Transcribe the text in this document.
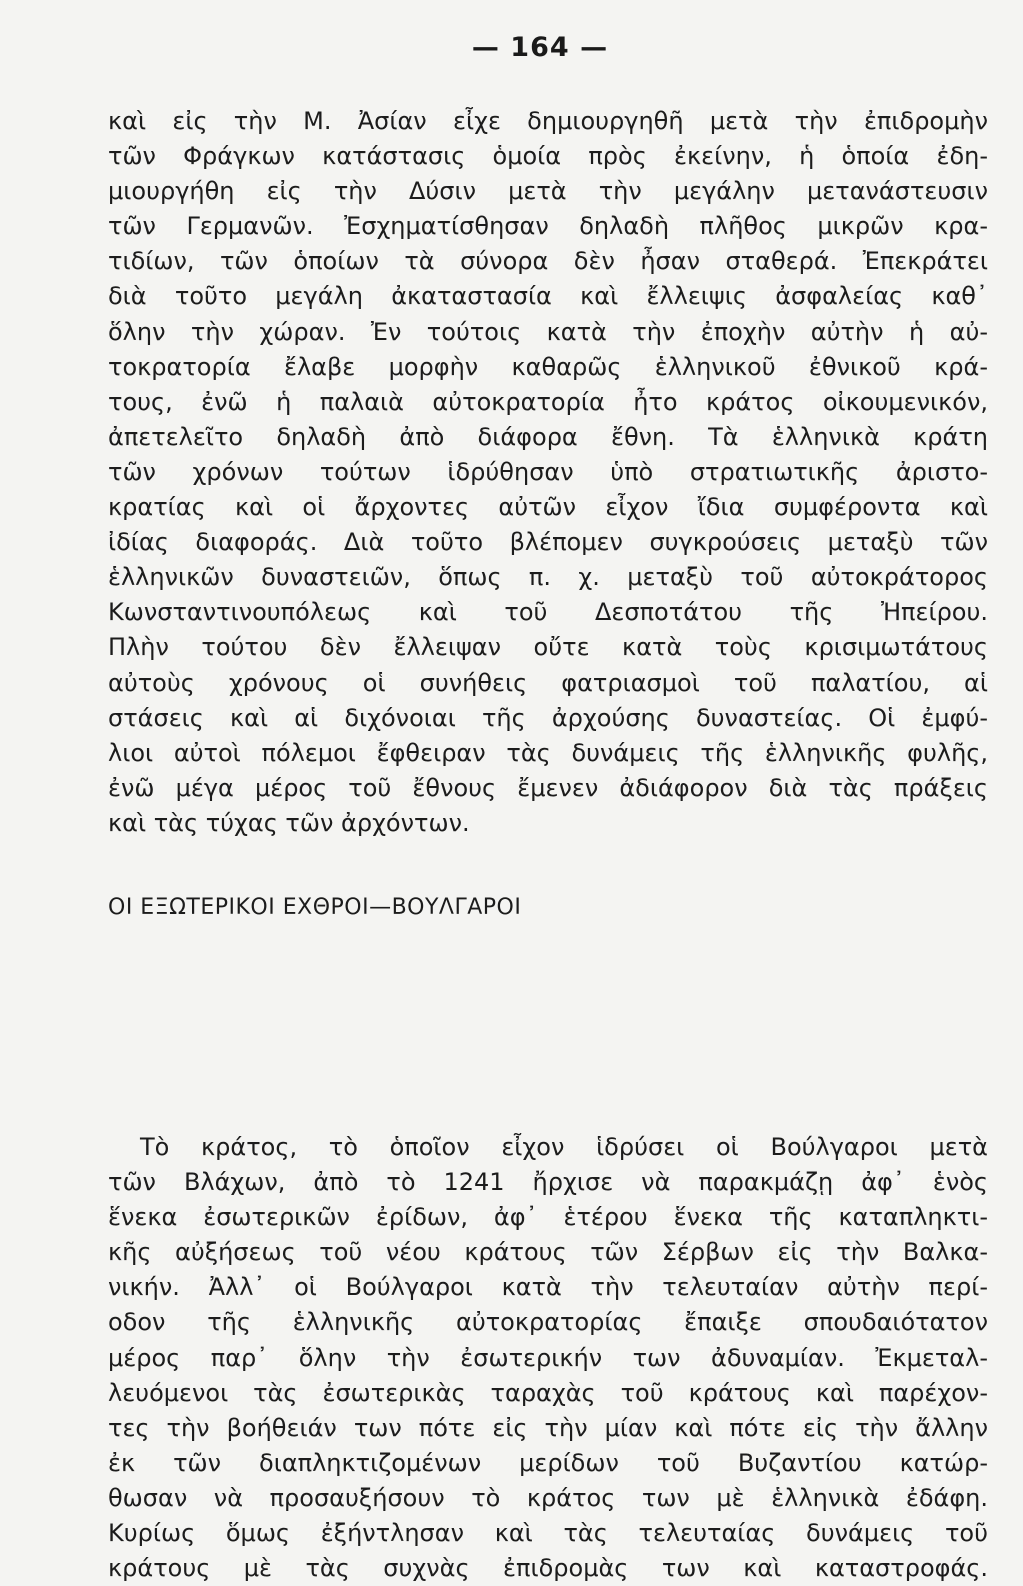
— 164 —
καὶ εἰς τὴν Μ. Ἀσίαν εἶχε δημιουργηθῆ μετὰ τὴν ἐπιδρομὴν
τῶν Φράγκων κατάστασις ὁμοία πρὸς ἐκείνην, ἡ ὁποία ἐδη-
μιουργήθη εἰς τὴν Δύσιν μετὰ τὴν μεγάλην μετανάστευσιν
τῶν Γερμανῶν. Ἐσχηματίσθησαν δηλαδὴ πλῆθος μικρῶν κρα-
τιδίων, τῶν ὁποίων τὰ σύνορα δὲν ἦσαν σταθερά. Ἐπεκράτει
διὰ τοῦτο μεγάλη ἀκαταστασία καὶ ἔλλειψις ἀσφαλείας καθ᾽
ὅλην τὴν χώραν. Ἐν τούτοις κατὰ τὴν ἐποχὴν αὐτὴν ἡ αὐ-
τοκρατορία ἔλαβε μορφὴν καθαρῶς ἑλληνικοῦ ἐθνικοῦ κρά-
τους, ἐνῶ ἡ παλαιὰ αὐτοκρατορία ἦτο κράτος οἰκουμενικόν,
ἀπετελεῖτο δηλαδὴ ἀπὸ διάφορα ἔθνη. Τὰ ἑλληνικὰ κράτη
τῶν χρόνων τούτων ἱδρύθησαν ὑπὸ στρατιωτικῆς ἀριστο-
κρατίας καὶ οἱ ἄρχοντες αὐτῶν εἶχον ἴδια συμφέροντα καὶ
ἰδίας διαφοράς. Διὰ τοῦτο βλέπομεν συγκρούσεις μεταξὺ τῶν
ἑλληνικῶν δυναστειῶν, ὅπως π. χ. μεταξὺ τοῦ αὐτοκράτορος
Κωνσταντινουπόλεως καὶ τοῦ Δεσποτάτου τῆς Ἠπείρου.
Πλὴν τούτου δὲν ἔλλειψαν οὔτε κατὰ τοὺς κρισιμωτάτους
αὐτοὺς χρόνους οἱ συνήθεις φατριασμοὶ τοῦ παλατίου, αἱ
στάσεις καὶ αἱ διχόνοιαι τῆς ἀρχούσης δυναστείας. Οἱ ἐμφύ-
λιοι αὐτοὶ πόλεμοι ἔφθειραν τὰς δυνάμεις τῆς ἑλληνικῆς φυλῆς,
ἐνῶ μέγα μέρος τοῦ ἔθνους ἔμενεν ἀδιάφορον διὰ τὰς πράξεις
καὶ τὰς τύχας τῶν ἀρχόντων.
ΟΙ ΕΞΩΤΕΡΙΚΟΙ ΕΧΘΡΟΙ—ΒΟΥΛΓΑΡΟΙ
Τὸ κράτος, τὸ ὁποῖον εἶχον ἱδρύσει οἱ Βούλγαροι μετὰ
τῶν Βλάχων, ἀπὸ τὸ 1241 ἤρχισε νὰ παρακμάζῃ ἀφ᾽ ἑνὸς
ἕνεκα ἐσωτερικῶν ἐρίδων, ἀφ᾽ ἑτέρου ἕνεκα τῆς καταπληκτι-
κῆς αὐξήσεως τοῦ νέου κράτους τῶν Σέρβων εἰς τὴν Βαλκα-
νικήν. Ἀλλ᾽ οἱ Βούλγαροι κατὰ τὴν τελευταίαν αὐτὴν περί-
οδον τῆς ἑλληνικῆς αὐτοκρατορίας ἔπαιξε σπουδαιότατον
μέρος παρ᾽ ὅλην τὴν ἐσωτερικήν των ἀδυναμίαν. Ἐκμεταλ-
λευόμενοι τὰς ἐσωτερικὰς ταραχὰς τοῦ κράτους καὶ παρέχον-
τες τὴν βοήθειάν των πότε εἰς τὴν μίαν καὶ πότε εἰς τὴν ἄλλην
ἐκ τῶν διαπληκτιζομένων μερίδων τοῦ Βυζαντίου κατώρ-
θωσαν νὰ προσαυξήσουν τὸ κράτος των μὲ ἑλληνικὰ ἐδάφη.
Κυρίως ὅμως ἐξήντλησαν καὶ τὰς τελευταίας δυνάμεις τοῦ
κράτους μὲ τὰς συχνὰς ἐπιδρομὰς των καὶ καταστροφάς.
